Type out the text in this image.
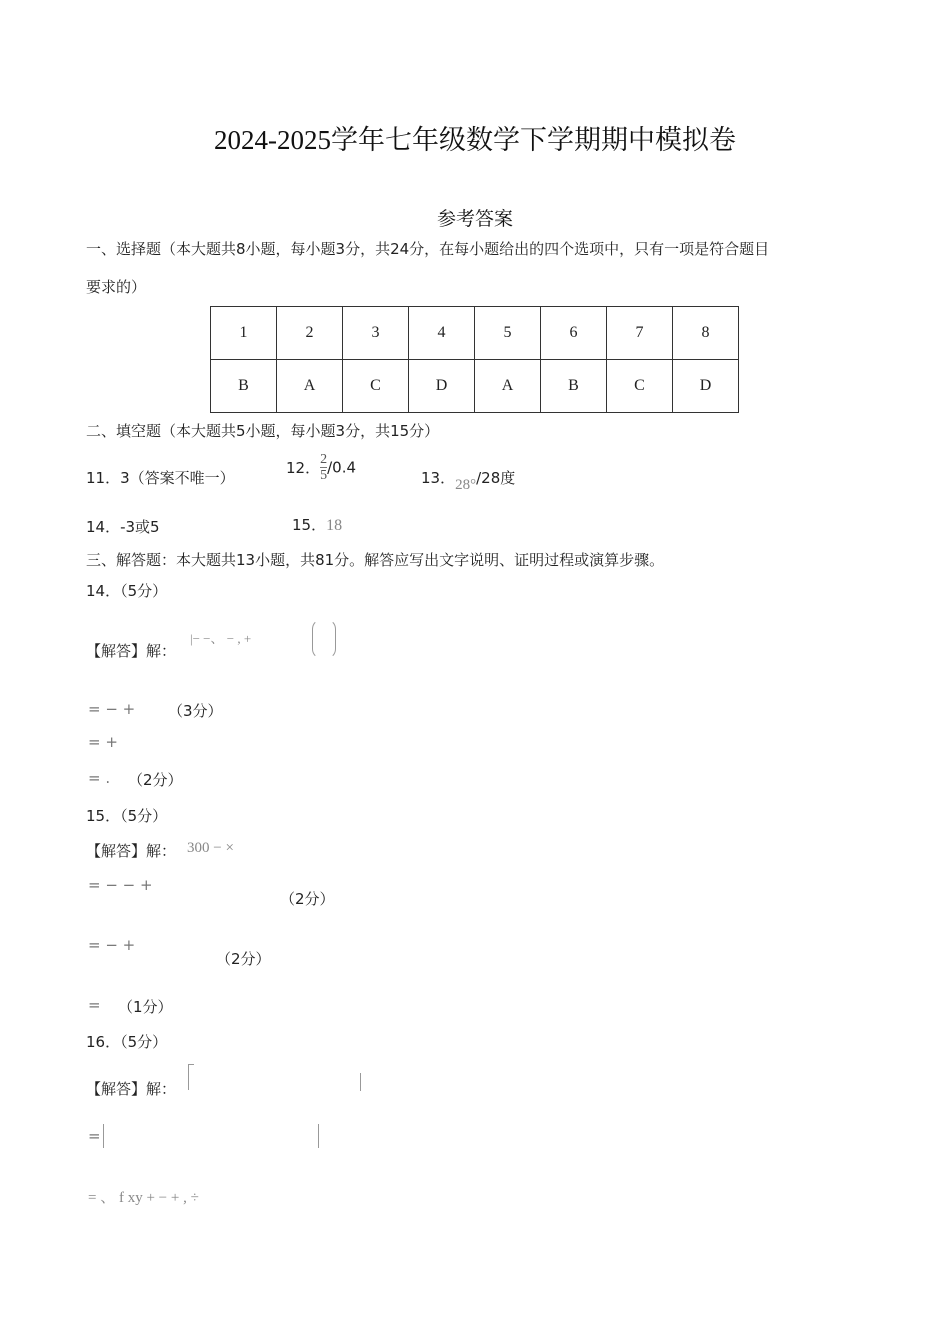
2024-2025学年七年级数学下学期期中模拟卷
参考答案
一、选择题（本大题共8小题，每小题3分，共24分，在每小题给出的四个选项中，只有一项是符合题目
要求的）
1	2	3	4	5	6	7	8
B	A	C	D	A	B	C	D
二、填空题（本大题共5小题，每小题3分，共15分）
11．3（答案不唯一）
12． $\frac{2}{5} /0.4$
13．28°/28度
14．-3或5	15．18
三、解答题：本大题共13小题，共81分。解答应写出文字说明、证明过程或演算步骤。
14．（5分）
【解答】解：
|− −、 − , +
= − + （3分）
= +
= . （2分）
15．（5分）
【解答】解： 300 − ×
= − − +
（2分）
= − +
（2分）
= （1分）
16．（5分）
【解答】解：
=
= 、 f xy + − + , ÷
